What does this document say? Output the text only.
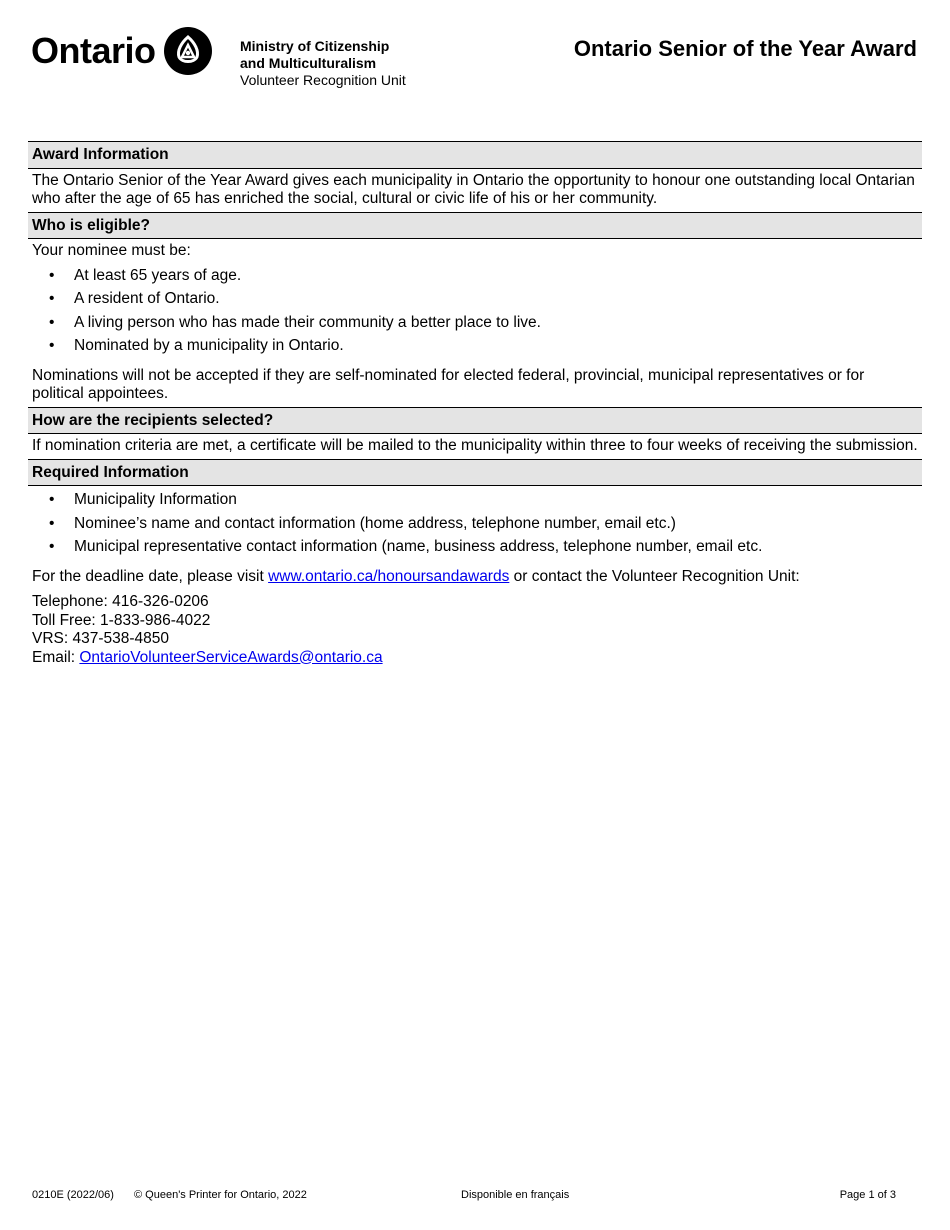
Ontario	Ministry of Citizenship
and Multiculturalism
Volunteer Recognition Unit
Ontario Senior of the Year Award
Award Information
The Ontario Senior of the Year Award gives each municipality in Ontario the opportunity to honour one outstanding local Ontarian who after the age of 65 has enriched the social, cultural or civic life of his or her community.
Who is eligible?
Your nominee must be:
• At least 65 years of age.
• A resident of Ontario.
• A living person who has made their community a better place to live.
• Nominated by a municipality in Ontario.
Nominations will not be accepted if they are self-nominated for elected federal, provincial, municipal representatives or for political appointees.
How are the recipients selected?
If nomination criteria are met, a certificate will be mailed to the municipality within three to four weeks of receiving the submission.
Required Information
• Municipality Information
• Nominee’s name and contact information (home address, telephone number, email etc.)
• Municipal representative contact information (name, business address, telephone number, email etc.
For the deadline date, please visit www.ontario.ca/honoursandawards or contact the Volunteer Recognition Unit:
Telephone: 416-326-0206
Toll Free: 1-833-986-4022
VRS: 437-538-4850
Email: OntarioVolunteerServiceAwards@ontario.ca
0210E (2022/06) © Queen's Printer for Ontario, 2022	Disponible en français	Page 1 of 3
